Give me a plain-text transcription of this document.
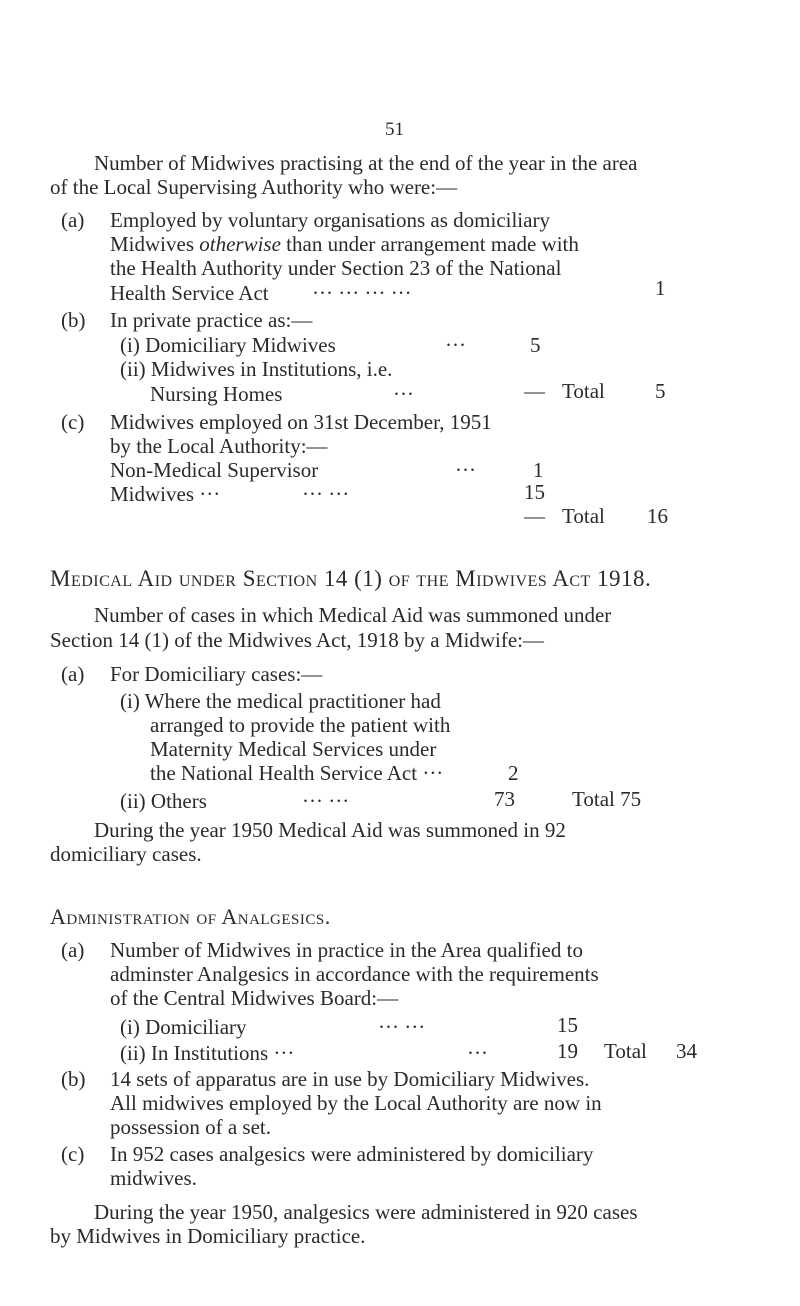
51
Number of Midwives practising at the end of the year in the area
of the Local Supervising Authority who were:—
(a) Employed by voluntary organisations as domiciliary
Midwives otherwise than under arrangement made with
the Health Authority under Section 23 of the National
Health Service Act ··· ··· ··· ···	1
(b) In private practice as:—
(i) Domiciliary Midwives	···	5
(ii) Midwives in Institutions, i.e.
Nursing Homes	···	— Total 5
(c) Midwives employed on 31st December, 1951
by the Local Authority:—
Non-Medical Supervisor	···	1
Midwives ···	··· ···	15
— Total 16
Medical Aid under Section 14 (1) of the Midwives Act 1918.
Number of cases in which Medical Aid was summoned under
Section 14 (1) of the Midwives Act, 1918 by a Midwife:—
(a) For Domiciliary cases:—
(i) Where the medical practitioner had
arranged to provide the patient with
Maternity Medical Services under
the National Health Service Act ···	2
(ii) Others	··· ···	73	Total 75
During the year 1950 Medical Aid was summoned in 92
domiciliary cases.
Administration of Analgesics.
(a) Number of Midwives in practice in the Area qualified to
adminster Analgesics in accordance with the requirements
of the Central Midwives Board:—
(i) Domiciliary	··· ···	15
(ii) In Institutions ···	···	19 Total 34
(b) 14 sets of apparatus are in use by Domiciliary Midwives.
All midwives employed by the Local Authority are now in
possession of a set.
(c) In 952 cases analgesics were administered by domiciliary
midwives.
During the year 1950, analgesics were administered in 920 cases
by Midwives in Domiciliary practice.
